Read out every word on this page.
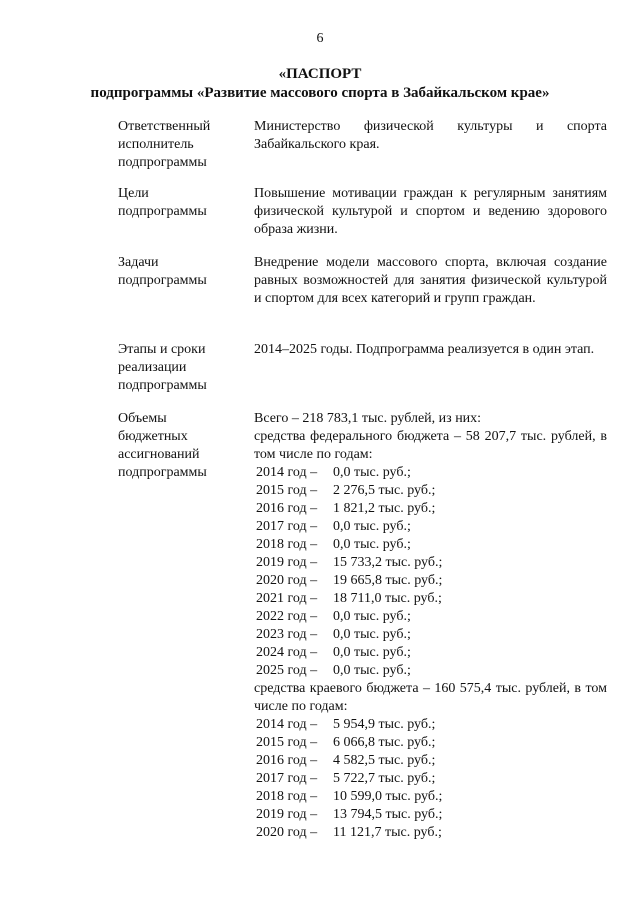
6
«ПАСПОРТ
подпрограммы «Развитие массового спорта в Забайкальском крае»
Ответственный
исполнитель
подпрограммы
Министерство физической культуры и спорта Забайкальского края.
Цели
подпрограммы
Повышение мотивации граждан к регулярным занятиям физической культурой и спортом и ведению здорового образа жизни.
Задачи
подпрограммы
Внедрение модели массового спорта, включая создание равных возможностей для занятия физической культурой и спортом для всех категорий и групп граждан.
Этапы и сроки
реализации
подпрограммы
2014–2025 годы. Подпрограмма реализуется в один этап.
Объемы
бюджетных
ассигнований
подпрограммы
Всего – 218 783,1 тыс. рублей, из них:
средства федерального бюджета – 58 207,7 тыс. рублей, в том числе по годам:
2014 год – 0,0 тыс. руб.;
2015 год – 2 276,5 тыс. руб.;
2016 год – 1 821,2 тыс. руб.;
2017 год – 0,0 тыс. руб.;
2018 год – 0,0 тыс. руб.;
2019 год – 15 733,2 тыс. руб.;
2020 год – 19 665,8 тыс. руб.;
2021 год – 18 711,0 тыс. руб.;
2022 год – 0,0 тыс. руб.;
2023 год – 0,0 тыс. руб.;
2024 год – 0,0 тыс. руб.;
2025 год – 0,0 тыс. руб.;
средства краевого бюджета – 160 575,4 тыс. рублей, в том числе по годам:
2014 год – 5 954,9 тыс. руб.;
2015 год – 6 066,8 тыс. руб.;
2016 год – 4 582,5 тыс. руб.;
2017 год – 5 722,7 тыс. руб.;
2018 год – 10 599,0 тыс. руб.;
2019 год – 13 794,5 тыс. руб.;
2020 год – 11 121,7 тыс. руб.;
